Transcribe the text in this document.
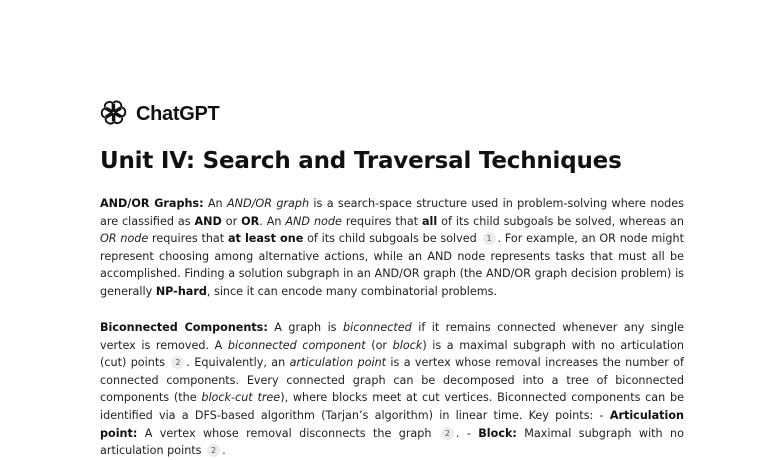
ChatGPT
Unit IV: Search and Traversal Techniques

AND/OR Graphs: An AND/OR graph is a search-space structure used in problem-solving where nodes are classified as AND or OR. An AND node requires that all of its child subgoals be solved, whereas an OR node requires that at least one of its child subgoals be solved 1 . For example, an OR node might represent choosing among alternative actions, while an AND node represents tasks that must all be accomplished. Finding a solution subgraph in an AND/OR graph (the AND/OR graph decision problem) is generally NP-hard, since it can encode many combinatorial problems.

Biconnected Components: A graph is biconnected if it remains connected whenever any single vertex is removed. A biconnected component (or block) is a maximal subgraph with no articulation (cut) points 2 . Equivalently, an articulation point is a vertex whose removal increases the number of connected components. Every connected graph can be decomposed into a tree of biconnected components (the block-cut tree), where blocks meet at cut vertices. Biconnected components can be identified via a DFS-based algorithm (Tarjan’s algorithm) in linear time. Key points: - Articulation point: A vertex whose removal disconnects the graph 2 . - Block: Maximal subgraph with no articulation points 2 .
